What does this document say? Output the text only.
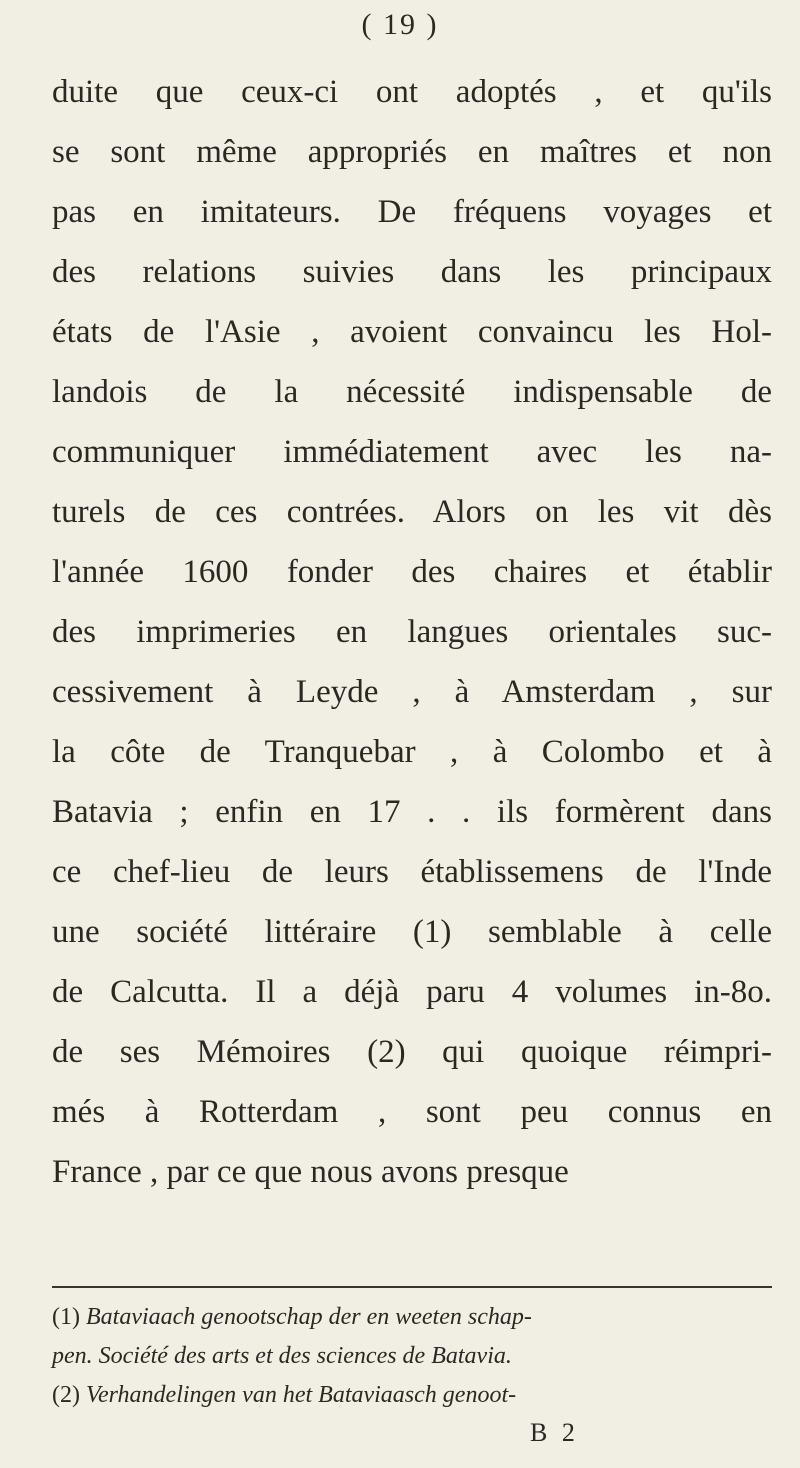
( 19 )
duite que ceux-ci ont adoptés , et qu'ils
se sont même appropriés en maîtres et non
pas en imitateurs. De fréquens voyages et
des relations suivies dans les principaux
états de l'Asie , avoient convaincu les Hol-
landois de la nécessité indispensable de
communiquer immédiatement avec les na-
turels de ces contrées. Alors on les vit dès
l'année 1600 fonder des chaires et établir
des imprimeries en langues orientales suc-
cessivement à Leyde , à Amsterdam , sur
la côte de Tranquebar , à Colombo et à
Batavia ; enfin en 17 . . ils formèrent dans
ce chef-lieu de leurs établissemens de l'Inde
une société littéraire (1) semblable à celle
de Calcutta. Il a déjà paru 4 volumes in-8o.
de ses Mémoires (2) qui quoique réimpri-
més à Rotterdam , sont peu connus en
France , par ce que nous avons presque
(1) Bataviaach genootschap der en weeten schap-
pen. Société des arts et des sciences de Batavia.
(2) Verhandelingen van het Bataviaasch genoot-
B 2
